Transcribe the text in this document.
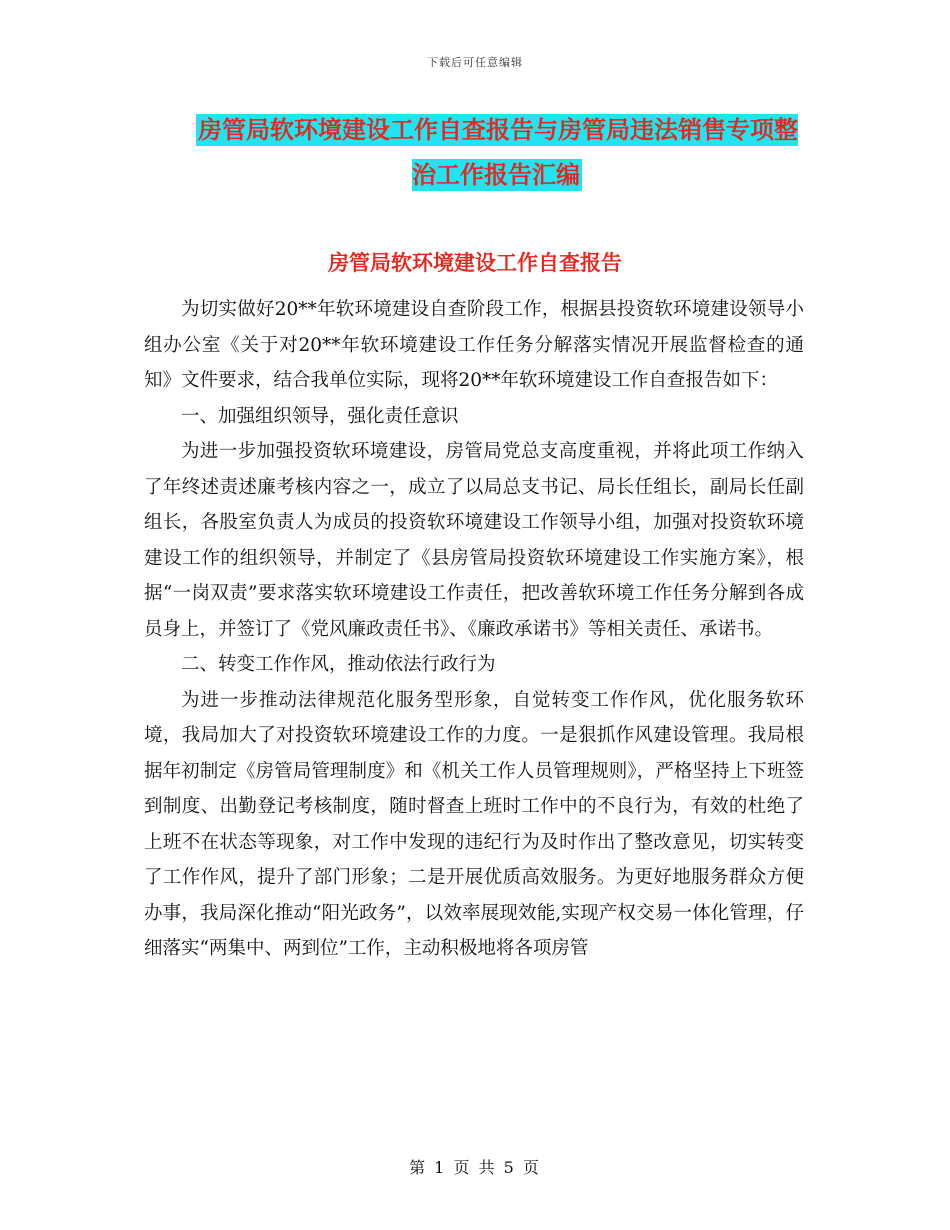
下载后可任意编辑
房管局软环境建设工作自查报告与房管局违法销售专项整治工作报告汇编
房管局软环境建设工作自查报告

为切实做好20**年软环境建设自查阶段工作，根据县投资软环境建设领导小组办公室《关于对20**年软环境建设工作任务分解落实情况开展监督检查的通知》文件要求，结合我单位实际，现将20**年软环境建设工作自查报告如下：

一、加强组织领导，强化责任意识

为进一步加强投资软环境建设，房管局党总支高度重视，并将此项工作纳入了年终述责述廉考核内容之一，成立了以局总支书记、局长任组长，副局长任副组长，各股室负责人为成员的投资软环境建设工作领导小组，加强对投资软环境建设工作的组织领导，并制定了《县房管局投资软环境建设工作实施方案》，根据“一岗双责”要求落实软环境建设工作责任，把改善软环境工作任务分解到各成员身上，并签订了《党风廉政责任书》、《廉政承诺书》等相关责任、承诺书。

二、转变工作作风，推动依法行政行为

为进一步推动法律规范化服务型形象，自觉转变工作作风，优化服务软环境，我局加大了对投资软环境建设工作的力度。一是狠抓作风建设管理。我局根据年初制定《房管局管理制度》和《机关工作人员管理规则》，严格坚持上下班签到制度、出勤登记考核制度，随时督查上班时工作中的不良行为，有效的杜绝了上班不在状态等现象，对工作中发现的违纪行为及时作出了整改意见，切实转变了工作作风，提升了部门形象；二是开展优质高效服务。为更好地服务群众方便办事，我局深化推动“阳光政务”，以效率展现效能,实现产权交易一体化管理，仔细落实“两集中、两到位”工作，主动积极地将各项房管

第 1 页 共 5 页
